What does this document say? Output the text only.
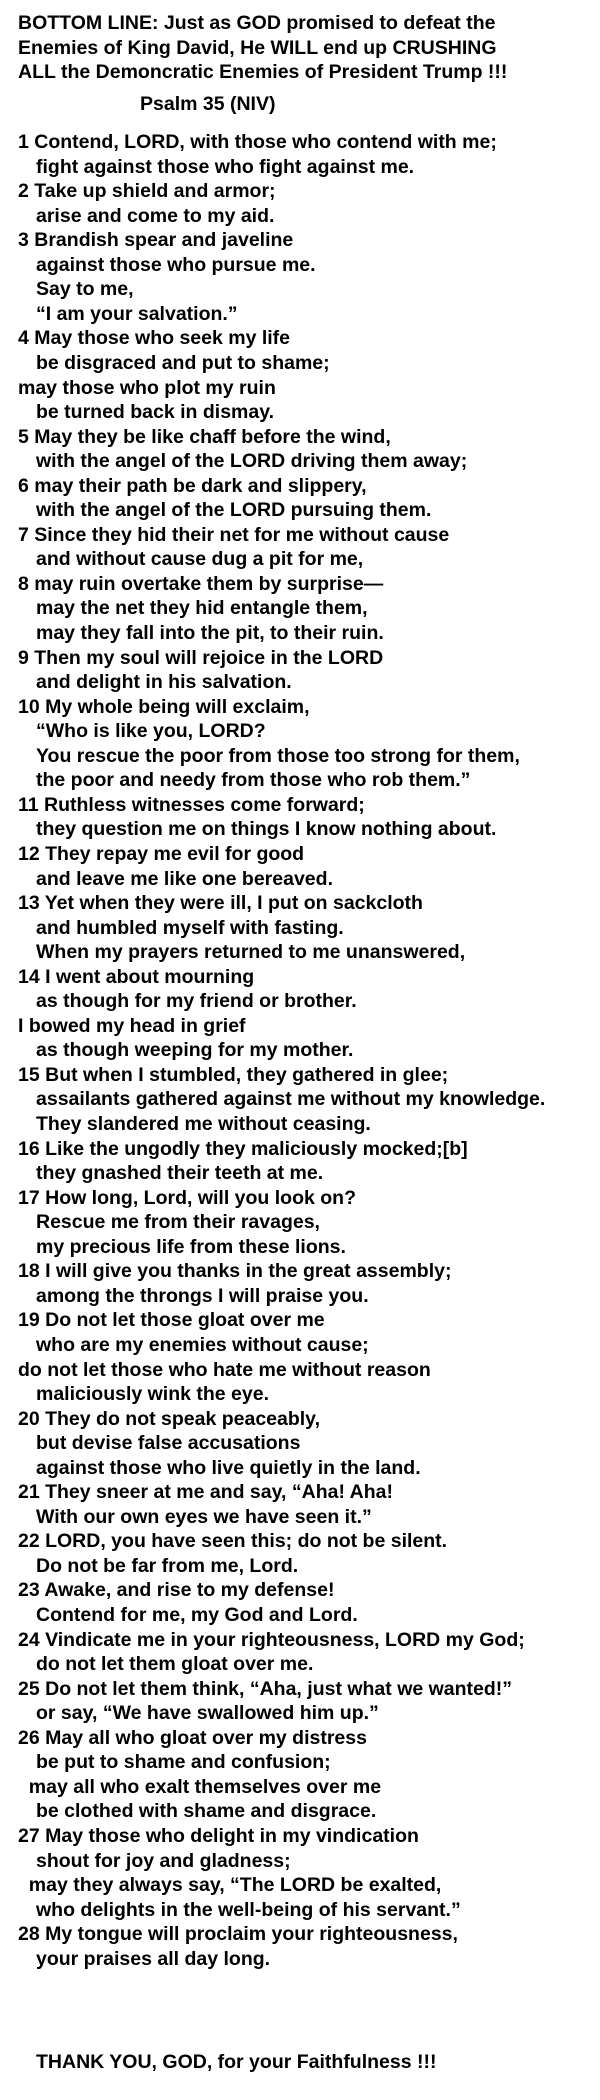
BOTTOM LINE: Just as GOD promised to defeat the
Enemies of King David, He WILL end up CRUSHING
ALL the Demoncratic Enemies of President Trump !!!
Psalm 35 (NIV)
1 Contend, LORD, with those who contend with me;
fight against those who fight against me.
2 Take up shield and armor;
arise and come to my aid.
3 Brandish spear and javeline
against those who pursue me.
Say to me,
“I am your salvation.”
4 May those who seek my life
be disgraced and put to shame;
may those who plot my ruin
be turned back in dismay.
5 May they be like chaff before the wind,
with the angel of the LORD driving them away;
6 may their path be dark and slippery,
with the angel of the LORD pursuing them.
7 Since they hid their net for me without cause
and without cause dug a pit for me,
8 may ruin overtake them by surprise—
may the net they hid entangle them,
may they fall into the pit, to their ruin.
9 Then my soul will rejoice in the LORD
and delight in his salvation.
10 My whole being will exclaim,
“Who is like you, LORD?
You rescue the poor from those too strong for them,
the poor and needy from those who rob them.”
11 Ruthless witnesses come forward;
they question me on things I know nothing about.
12 They repay me evil for good
and leave me like one bereaved.
13 Yet when they were ill, I put on sackcloth
and humbled myself with fasting.
When my prayers returned to me unanswered,
14 I went about mourning
as though for my friend or brother.
I bowed my head in grief
as though weeping for my mother.
15 But when I stumbled, they gathered in glee;
assailants gathered against me without my knowledge.
They slandered me without ceasing.
16 Like the ungodly they maliciously mocked;[b]
they gnashed their teeth at me.
17 How long, Lord, will you look on?
Rescue me from their ravages,
my precious life from these lions.
18 I will give you thanks in the great assembly;
among the throngs I will praise you.
19 Do not let those gloat over me
who are my enemies without cause;
do not let those who hate me without reason
maliciously wink the eye.
20 They do not speak peaceably,
but devise false accusations
against those who live quietly in the land.
21 They sneer at me and say, “Aha! Aha!
With our own eyes we have seen it.”
22 LORD, you have seen this; do not be silent.
Do not be far from me, Lord.
23 Awake, and rise to my defense!
Contend for me, my God and Lord.
24 Vindicate me in your righteousness, LORD my God;
do not let them gloat over me.
25 Do not let them think, “Aha, just what we wanted!”
or say, “We have swallowed him up.”
26 May all who gloat over my distress
be put to shame and confusion;
may all who exalt themselves over me
be clothed with shame and disgrace.
27 May those who delight in my vindication
shout for joy and gladness;
may they always say, “The LORD be exalted,
who delights in the well-being of his servant.”
28 My tongue will proclaim your righteousness,
your praises all day long.
THANK YOU, GOD, for your Faithfulness !!!
